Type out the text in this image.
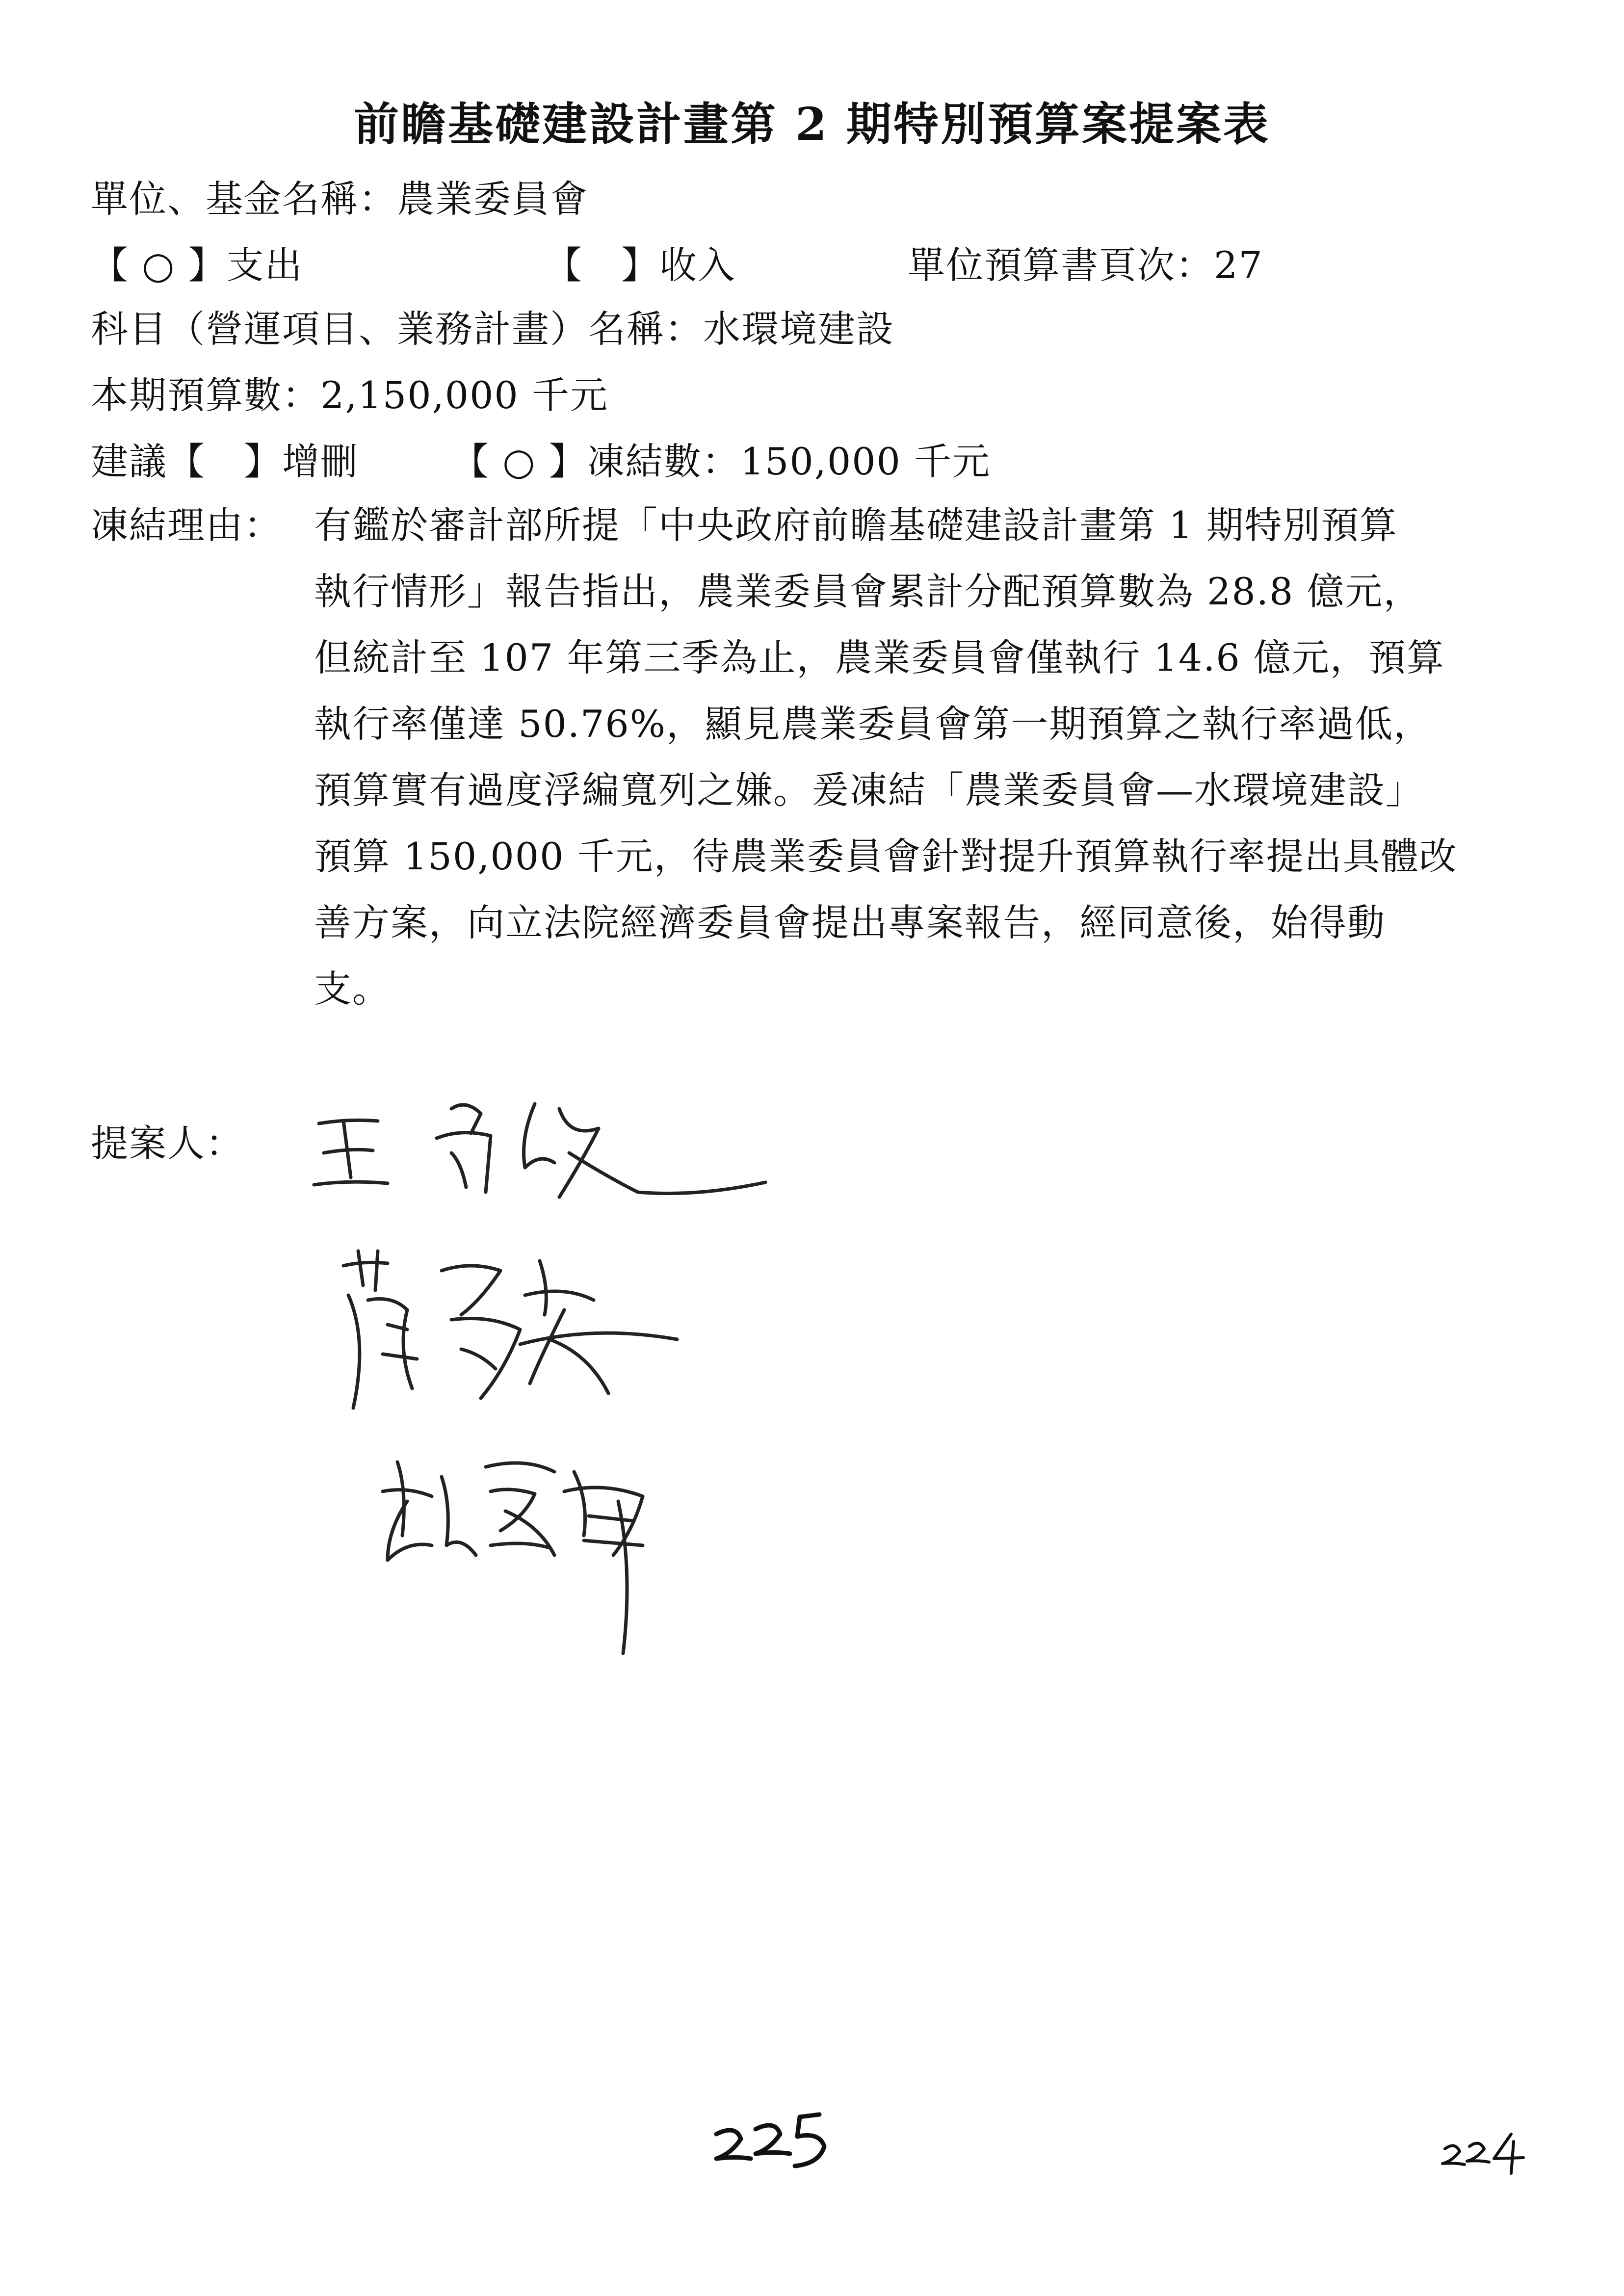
前瞻基礎建設計畫第 2 期特別預算案提案表
單位、基金名稱：農業委員會
【 ○ 】支出	【　】收入	單位預算書頁次：27
科目（營運項目、業務計畫）名稱：水環境建設
本期預算數：2,150,000 千元
建議【　】增刪 【 ○ 】凍結數：150,000 千元
凍結理由： 有鑑於審計部所提「中央政府前瞻基礎建設計畫第 1 期特別預算
執行情形」報告指出，農業委員會累計分配預算數為 28.8 億元，
但統計至 107 年第三季為止，農業委員會僅執行 14.6 億元，預算
執行率僅達 50.76%，顯見農業委員會第一期預算之執行率過低，
預算實有過度浮編寬列之嫌。爰凍結「農業委員會—水環境建設」
預算 150,000 千元，待農業委員會針對提升預算執行率提出具體改
善方案，向立法院經濟委員會提出專案報告，經同意後，始得動
支。
提案人：
